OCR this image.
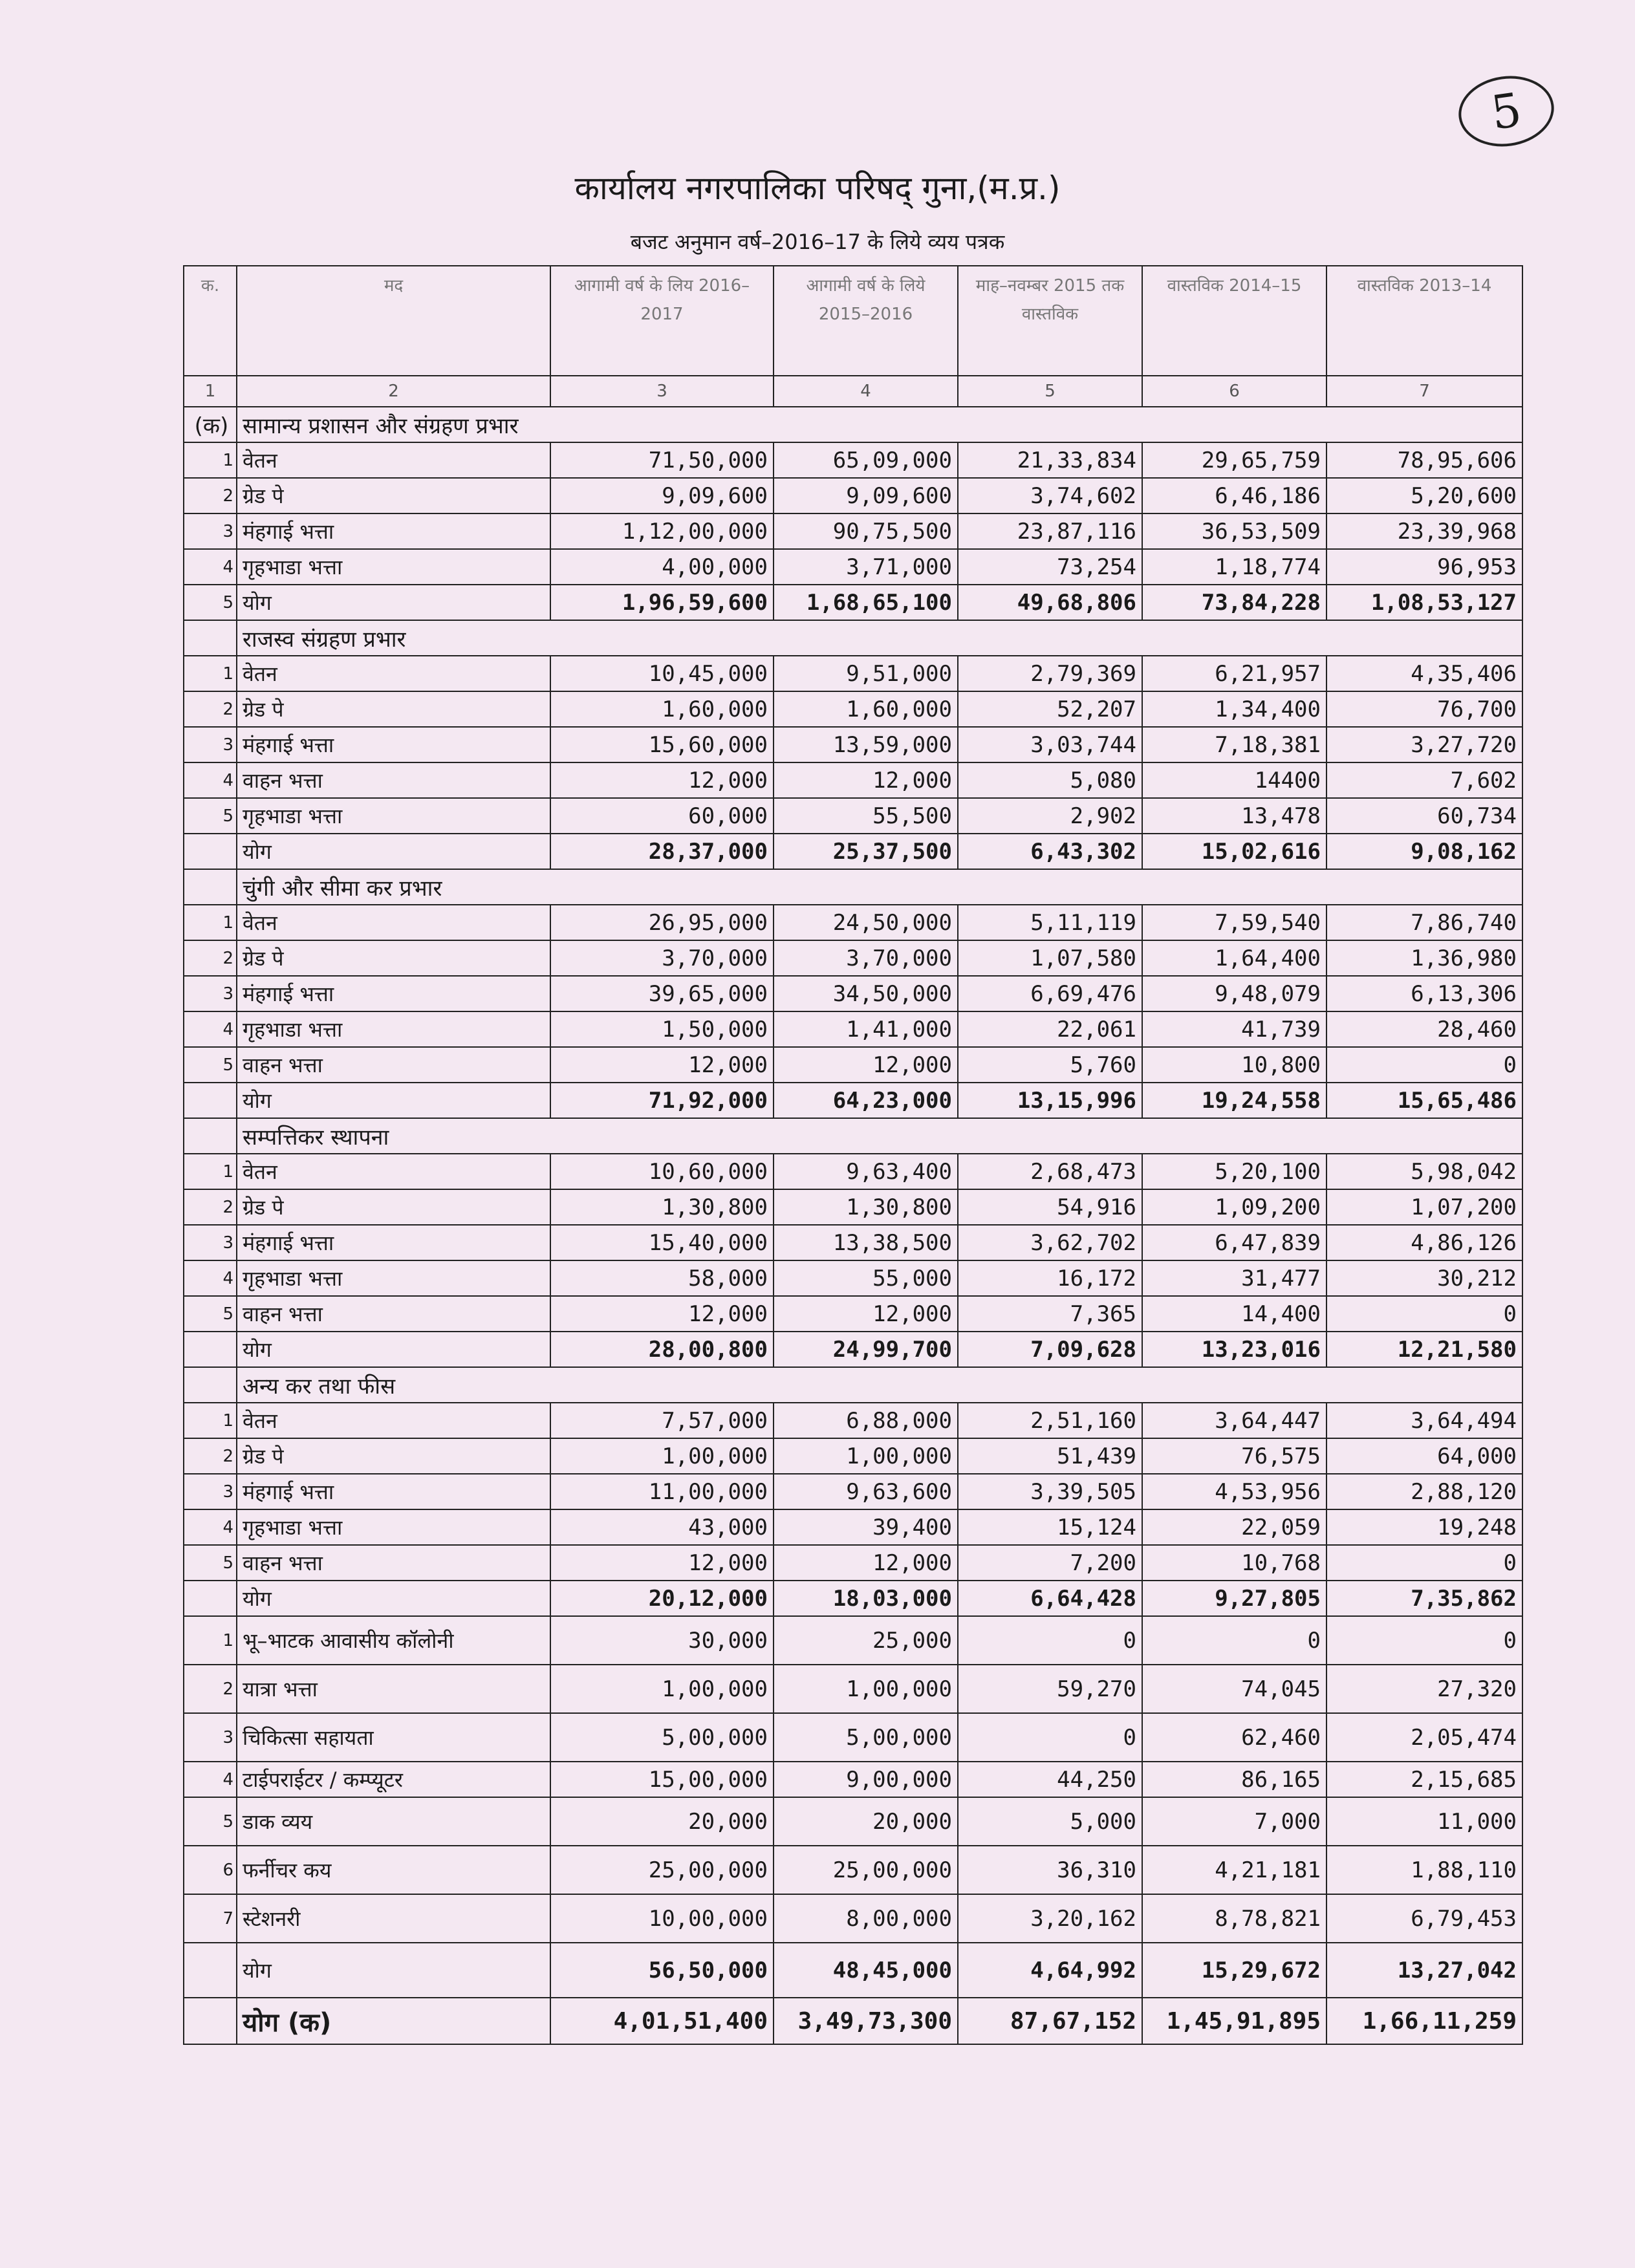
5
कार्यालय नगरपालिका परिषद् गुना,(म.प्र.)
बजट अनुमान वर्ष–2016–17 के लिये व्यय पत्रक
क.	मद	आगामी वर्ष के लिय 2016–2017	आगामी वर्ष के लिये 2015–2016	माह–नवम्बर 2015 तक वास्तविक	वास्तविक 2014–15	वास्तविक 2013–14
1	2	3	4	5	6	7
(क)	सामान्य प्रशासन और संग्रहण प्रभार					
1	वेतन	71,50,000	65,09,000	21,33,834	29,65,759	78,95,606
2	ग्रेड पे	9,09,600	9,09,600	3,74,602	6,46,186	5,20,600
3	मंहगाई भत्ता	1,12,00,000	90,75,500	23,87,116	36,53,509	23,39,968
4	गृहभाडा भत्ता	4,00,000	3,71,000	73,254	1,18,774	96,953
5	योग	1,96,59,600	1,68,65,100	49,68,806	73,84,228	1,08,53,127
	राजस्व संग्रहण प्रभार					
1	वेतन	10,45,000	9,51,000	2,79,369	6,21,957	4,35,406
2	ग्रेड पे	1,60,000	1,60,000	52,207	1,34,400	76,700
3	मंहगाई भत्ता	15,60,000	13,59,000	3,03,744	7,18,381	3,27,720
4	वाहन भत्ता	12,000	12,000	5,080	14400	7,602
5	गृहभाडा भत्ता	60,000	55,500	2,902	13,478	60,734
	योग	28,37,000	25,37,500	6,43,302	15,02,616	9,08,162
	चुंगी और सीमा कर प्रभार					
1	वेतन	26,95,000	24,50,000	5,11,119	7,59,540	7,86,740
2	ग्रेड पे	3,70,000	3,70,000	1,07,580	1,64,400	1,36,980
3	मंहगाई भत्ता	39,65,000	34,50,000	6,69,476	9,48,079	6,13,306
4	गृहभाडा भत्ता	1,50,000	1,41,000	22,061	41,739	28,460
5	वाहन भत्ता	12,000	12,000	5,760	10,800	0
	योग	71,92,000	64,23,000	13,15,996	19,24,558	15,65,486
	सम्पत्तिकर स्थापना					
1	वेतन	10,60,000	9,63,400	2,68,473	5,20,100	5,98,042
2	ग्रेड पे	1,30,800	1,30,800	54,916	1,09,200	1,07,200
3	मंहगाई भत्ता	15,40,000	13,38,500	3,62,702	6,47,839	4,86,126
4	गृहभाडा भत्ता	58,000	55,000	16,172	31,477	30,212
5	वाहन भत्ता	12,000	12,000	7,365	14,400	0
	योग	28,00,800	24,99,700	7,09,628	13,23,016	12,21,580
	अन्य कर तथा फीस					
1	वेतन	7,57,000	6,88,000	2,51,160	3,64,447	3,64,494
2	ग्रेड पे	1,00,000	1,00,000	51,439	76,575	64,000
3	मंहगाई भत्ता	11,00,000	9,63,600	3,39,505	4,53,956	2,88,120
4	गृहभाडा भत्ता	43,000	39,400	15,124	22,059	19,248
5	वाहन भत्ता	12,000	12,000	7,200	10,768	0
	योग	20,12,000	18,03,000	6,64,428	9,27,805	7,35,862
1	भू–भाटक आवासीय कॉलोनी	30,000	25,000	0	0	0
2	यात्रा भत्ता	1,00,000	1,00,000	59,270	74,045	27,320
3	चिकित्सा सहायता	5,00,000	5,00,000	0	62,460	2,05,474
4	टाईपराईटर / कम्प्यूटर	15,00,000	9,00,000	44,250	86,165	2,15,685
5	डाक व्यय	20,000	20,000	5,000	7,000	11,000
6	फर्नीचर कय	25,00,000	25,00,000	36,310	4,21,181	1,88,110
7	स्टेशनरी	10,00,000	8,00,000	3,20,162	8,78,821	6,79,453
	योग	56,50,000	48,45,000	4,64,992	15,29,672	13,27,042
	योग (क)	4,01,51,400	3,49,73,300	87,67,152	1,45,91,895	1,66,11,259
